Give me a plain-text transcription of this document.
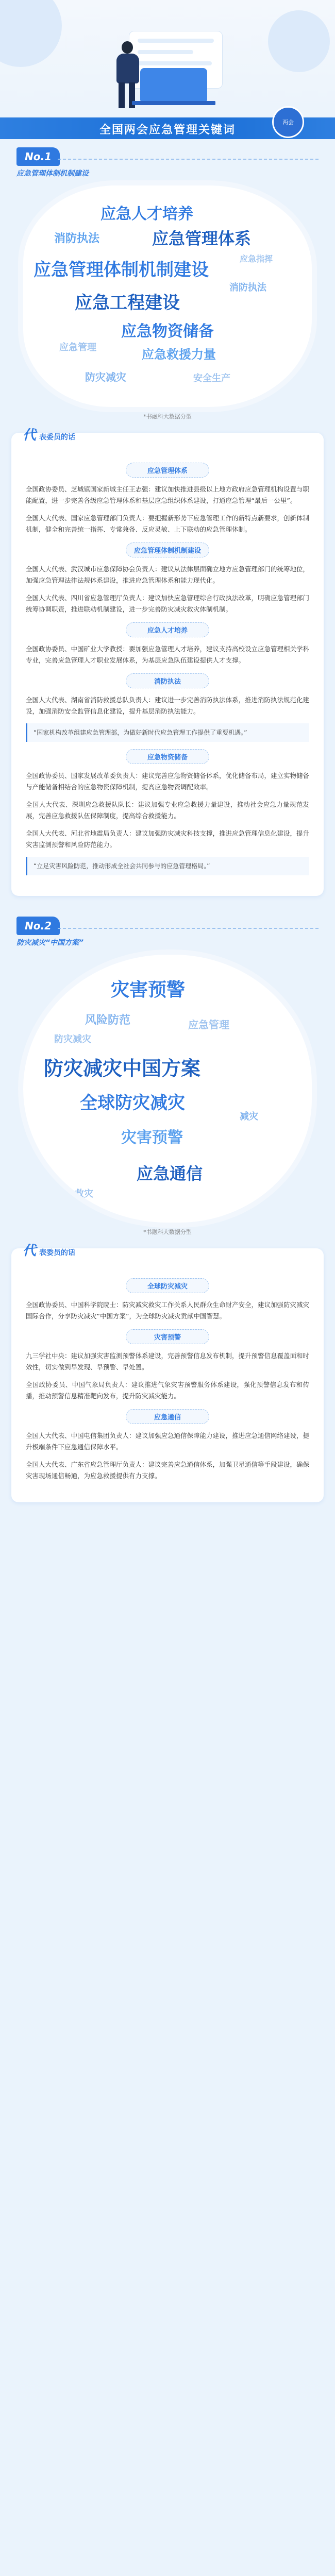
全国两会应急管理关键词
两会
No.1
应急管理体制机制建设
应急人才培养
应急管理体系
消防执法
应急管理体制机制建设
应急工程建设
消防执法
应急物资储备
应急救援力量
应急管理
应急指挥
防灾减灾	安全生产
*书融科大数据分型
代表委员的话
应急管理体系

全国政协委员、芝城镇国家新城主任王志强：建议加快推进县级以上地方政府应急管理机构设置与职能配置，进一步完善各级应急管理体系和基层应急组织体系建设，打通应急管理“最后一公里”。

全国人大代表、国家应急管理部门负责人：要把握新形势下应急管理工作的新特点新要求，创新体制机制，健全和完善统一指挥、专常兼备、反应灵敏、上下联动的应急管理体制。

应急管理体制机制建设

全国人大代表、武汉城市应急保障协会负责人：建议从法律层面确立地方应急管理部门的统筹地位，加强应急管理法律法规体系建设，推进应急管理体系和能力现代化。

全国人大代表、四川省应急管理厅负责人：建议加快应急管理综合行政执法改革，明确应急管理部门统筹协调职责，推进联动机制建设，进一步完善防灾减灾救灾体制机制。

应急人才培养

全国政协委员、中国矿业大学教授：要加强应急管理人才培养，建议支持高校设立应急管理相关学科专业，完善应急管理人才职业发展体系，为基层应急队伍建设提供人才支撑。

消防执法

全国人大代表、湖南省消防救援总队负责人：建议进一步完善消防执法体系，推进消防执法规范化建设，加强消防安全监管信息化建设，提升基层消防执法能力。

“国家机构改革组建应急管理部，为做好新时代应急管理工作提供了重要机遇。”
应急物资储备

全国政协委员、国家发展改革委负责人：建议完善应急物资储备体系，优化储备布局，建立实物储备与产能储备相结合的应急物资保障机制，提高应急物资调配效率。

全国人大代表、深圳应急救援队队长：建议加强专业应急救援力量建设，推动社会应急力量规范发展，完善应急救援队伍保障制度，提高综合救援能力。

全国人大代表、河北省地震局负责人：建议加强防灾减灾科技支撑，推进应急管理信息化建设，提升灾害监测预警和风险防范能力。

“立足灾害风险防范，推动形成全社会共同参与的应急管理格局。”
No.2
防灾减灾“中国方案”
灾害预警
防灾减灾中国方案
全球防灾减灾
灾害预警
应急通信
风险防范	应急管理
防灾减灾
减灾
救灾
*书融科大数据分型
代表委员的话
全球防灾减灾

全国政协委员、中国科学院院士：防灾减灾救灾工作关系人民群众生命财产安全，建议加强防灾减灾国际合作，分享防灾减灾“中国方案”，为全球防灾减灾贡献中国智慧。

灾害预警

九三学社中央：建议加强灾害监测预警体系建设，完善预警信息发布机制，提升预警信息覆盖面和时效性，切实做到早发现、早预警、早处置。

全国政协委员、中国气象局负责人：建议推进气象灾害预警服务体系建设，强化预警信息发布和传播，推动预警信息精准靶向发布，提升防灾减灾能力。

应急通信

全国人大代表、中国电信集团负责人：建议加强应急通信保障能力建设，推进应急通信网络建设，提升极端条件下应急通信保障水平。

全国人大代表、广东省应急管理厅负责人：建议完善应急通信体系，加强卫星通信等手段建设，确保灾害现场通信畅通，为应急救援提供有力支撑。
